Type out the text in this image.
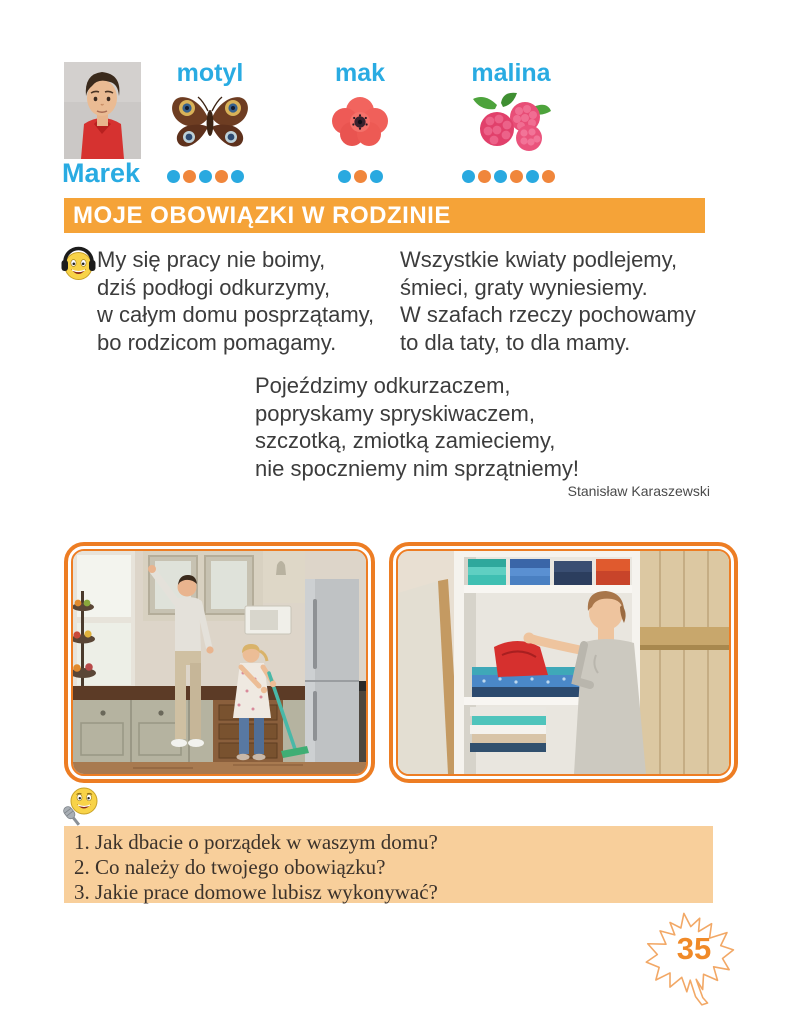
Marek
motyl	mak	malina
MOJE OBOWIĄZKI W RODZINIE
My się pracy nie boimy,
dziś podłogi odkurzymy,
w całym domu posprzątamy,
bo rodzicom pomagamy.
Wszystkie kwiaty podlejemy,
śmieci, graty wyniesiemy.
W szafach rzeczy pochowamy
to dla taty, to dla mamy.
Pojeździmy odkurzaczem,
popryskamy spryskiwaczem,
szczotką, zmiotką zamieciemy,
nie spoczniemy nim sprzątniemy!
Stanisław Karaszewski
1. Jak dbacie o porządek w waszym domu?
2. Co należy do twojego obowiązku?
3. Jakie prace domowe lubisz wykonywać?
35
